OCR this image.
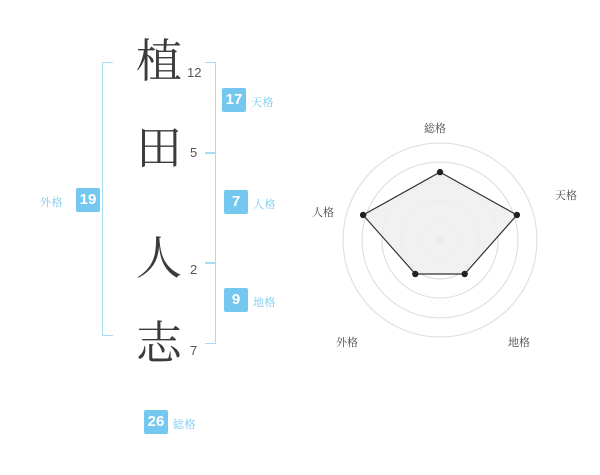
植
田
人
志
12
5
2
7
17 天格
7	人格
9	地格
19
外格
26 総格
総格
天格
地格
外格
人格
